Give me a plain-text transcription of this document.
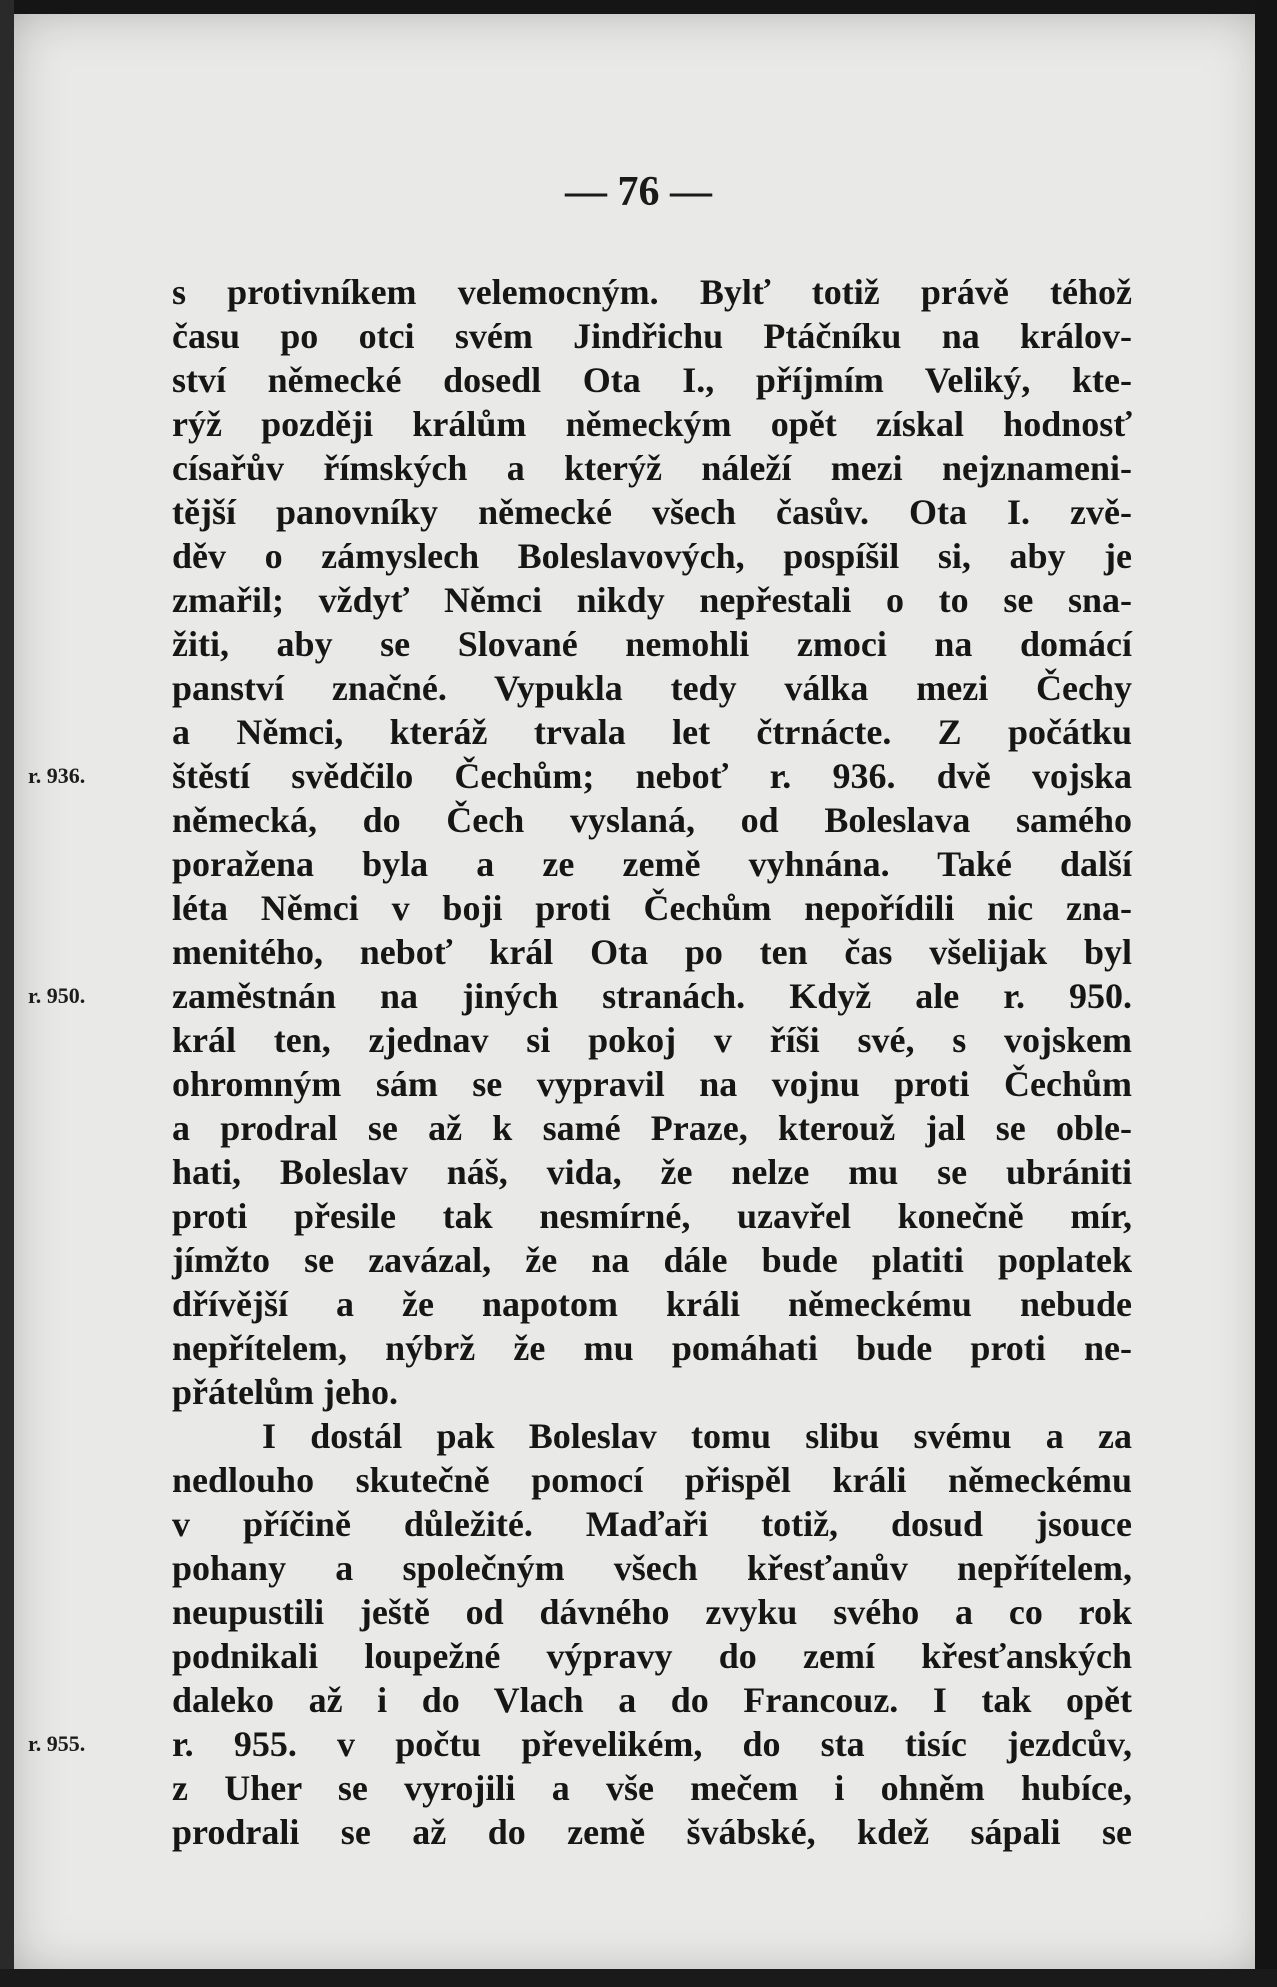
— 76 —
s protivníkem velemocným. Bylť totiž právě téhož
času po otci svém Jindřichu Ptáčníku na králov-
ství německé dosedl Ota I., příjmím Veliký, kte-
rýž později králům německým opět získal hodnosť
císařův římských a kterýž náleží mezi nejznameni-
tější panovníky německé všech časův. Ota I. zvě-
děv o zámyslech Boleslavových, pospíšil si, aby je
zmařil; vždyť Němci nikdy nepřestali o to se sna-
žiti, aby se Slované nemohli zmoci na domácí
panství značné. Vypukla tedy válka mezi Čechy
a Němci, kteráž trvala let čtrnácte. Z počátku
štěstí svědčilo Čechům; neboť r. 936. dvě vojska
německá, do Čech vyslaná, od Boleslava samého
poražena byla a ze země vyhnána. Také další
léta Němci v boji proti Čechům nepořídili nic zna-
menitého, neboť král Ota po ten čas všelijak byl
zaměstnán na jiných stranách. Když ale r. 950.
král ten, zjednav si pokoj v říši své, s vojskem
ohromným sám se vypravil na vojnu proti Čechům
a prodral se až k samé Praze, kterouž jal se oble-
hati, Boleslav náš, vida, že nelze mu se ubrániti
proti přesile tak nesmírné, uzavřel konečně mír,
jímžto se zavázal, že na dále bude platiti poplatek
dřívější a že napotom králi německému nebude
nepřítelem, nýbrž že mu pomáhati bude proti ne-
přátelům jeho.
I dostál pak Boleslav tomu slibu svému a za
nedlouho skutečně pomocí přispěl králi německému
v příčině důležité. Maďaři totiž, dosud jsouce
pohany a společným všech křesťanův nepřítelem,
neupustili ještě od dávného zvyku svého a co rok
podnikali loupežné výpravy do zemí křesťanských
daleko až i do Vlach a do Francouz. I tak opět
r. 955. v počtu převelikém, do sta tisíc jezdcův,
z Uher se vyrojili a vše mečem i ohněm hubíce,
prodrali se až do země švábské, kdež sápali se
r. 936.
r. 950.
r. 955.
